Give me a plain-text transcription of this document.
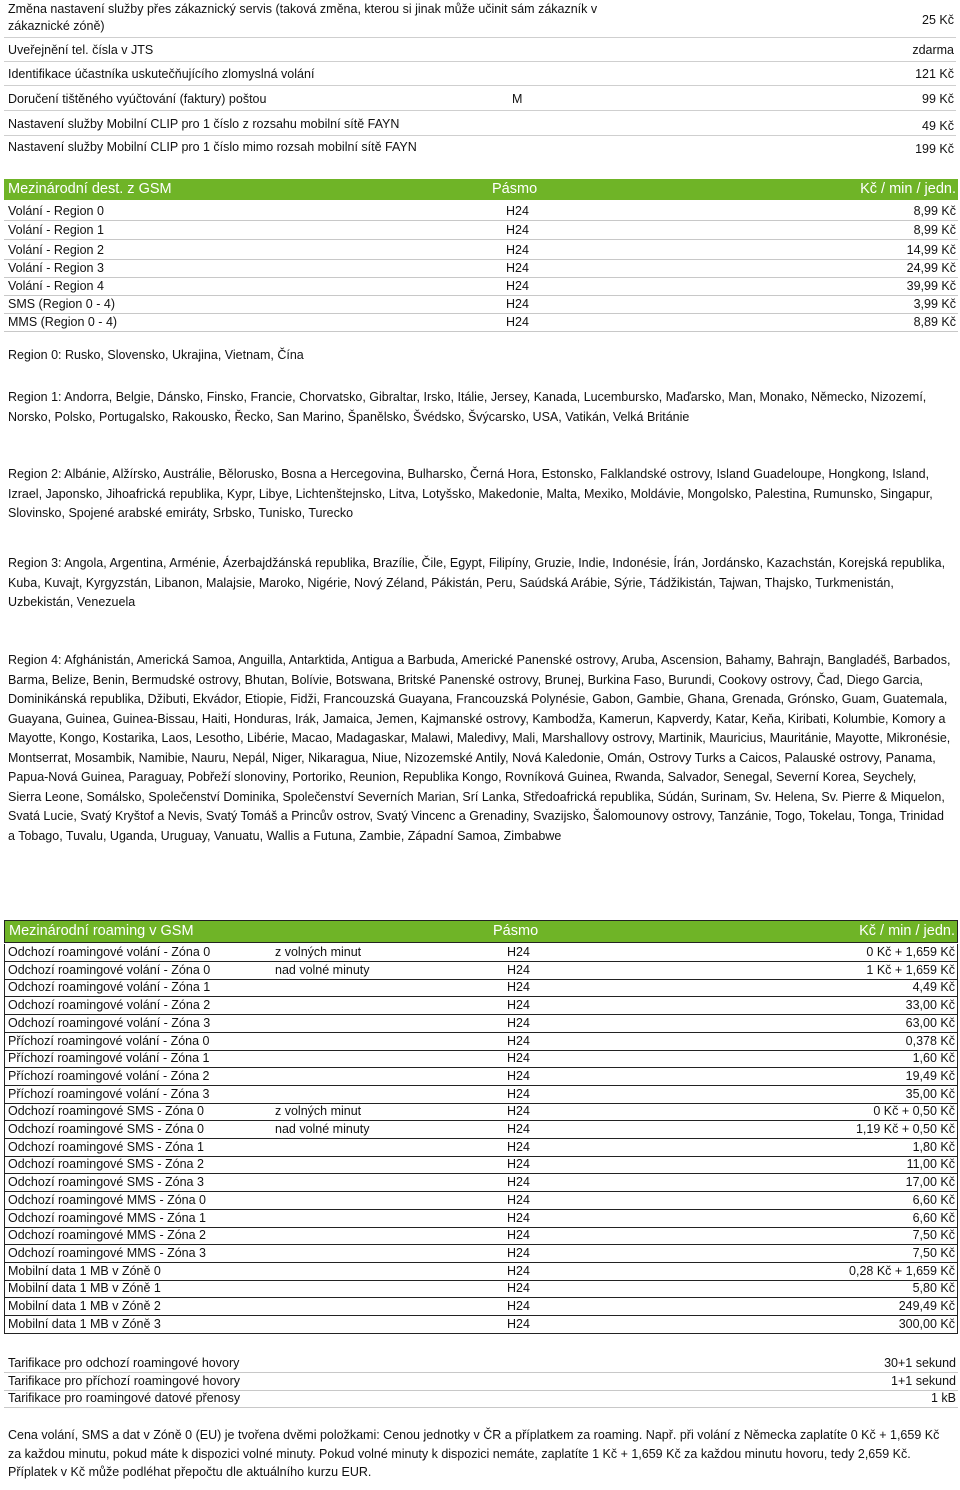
Změna nastavení služby přes zákaznický servis (taková změna, kterou si jinak může učinit sám zákazník v zákaznické zóně)	25 Kč
Uveřejnění tel. čísla v JTS	zdarma
Identifikace účastníka uskutečňujícího zlomyslná volání	121 Kč
Doručení tištěného vyúčtování (faktury) poštou	M	99 Kč
Nastavení služby Mobilní CLIP pro 1 číslo z rozsahu mobilní sítě FAYN	49 Kč
Nastavení služby Mobilní CLIP pro 1 číslo mimo rozsah mobilní sítě FAYN	199 Kč
Mezinárodní dest. z GSM	Pásmo	Kč / min / jedn.
Volání - Region 0	H24	8,99 Kč
Volání - Region 1	H24	8,99 Kč
Volání - Region 2	H24	14,99 Kč
Volání - Region 3	H24	24,99 Kč
Volání - Region 4	H24	39,99 Kč
SMS (Region 0 - 4)	H24	3,99 Kč
MMS (Region 0 - 4)	H24	8,89 Kč
Region 0: Rusko, Slovensko, Ukrajina, Vietnam, Čína
Region 1: Andorra, Belgie, Dánsko, Finsko, Francie, Chorvatsko, Gibraltar, Irsko, Itálie, Jersey, Kanada, Lucembursko, Maďarsko, Man, Monako, Německo, Nizozemí, Norsko, Polsko, Portugalsko, Rakousko, Řecko, San Marino, Španělsko, Švédsko, Švýcarsko, USA, Vatikán, Velká Británie
Region 2: Albánie, Alžírsko, Austrálie, Bělorusko, Bosna a Hercegovina, Bulharsko, Černá Hora, Estonsko, Falklandské ostrovy, Island Guadeloupe, Hongkong, Island, Izrael, Japonsko, Jihoafrická republika, Kypr, Libye, Lichtenštejnsko, Litva, Lotyšsko, Makedonie, Malta, Mexiko, Moldávie, Mongolsko, Palestina, Rumunsko, Singapur, Slovinsko, Spojené arabské emiráty, Srbsko, Tunisko, Turecko
Region 3: Angola, Argentina, Arménie, Ázerbajdžánská republika, Brazílie, Čile, Egypt, Filipíny, Gruzie, Indie, Indonésie, Írán, Jordánsko, Kazachstán, Korejská republika, Kuba, Kuvajt, Kyrgyzstán, Libanon, Malajsie, Maroko, Nigérie, Nový Zéland, Pákistán, Peru, Saúdská Arábie, Sýrie, Tádžikistán, Tajwan, Thajsko, Turkmenistán, Uzbekistán, Venezuela
Region 4: Afghánistán, Americká Samoa, Anguilla, Antarktida, Antigua a Barbuda, Americké Panenské ostrovy, Aruba, Ascension, Bahamy, Bahrajn, Bangladéš, Barbados, Barma, Belize, Benin, Bermudské ostrovy, Bhutan, Bolívie, Botswana, Britské Panenské ostrovy, Brunej, Burkina Faso, Burundi, Cookovy ostrovy, Čad, Diego Garcia, Dominikánská republika, Džibuti, Ekvádor, Etiopie, Fidži, Francouzská Guayana, Francouzská Polynésie, Gabon, Gambie, Ghana, Grenada, Grónsko, Guam, Guatemala, Guayana, Guinea, Guinea-Bissau, Haiti, Honduras, Irák, Jamaica, Jemen, Kajmanské ostrovy, Kambodža, Kamerun, Kapverdy, Katar, Keňa, Kiribati, Kolumbie, Komory a Mayotte, Kongo, Kostarika, Laos, Lesotho, Libérie, Macao, Madagaskar, Malawi, Maledivy, Mali, Marshallovy ostrovy, Martinik, Mauricius, Mauritánie, Mayotte, Mikronésie, Montserrat, Mosambik, Namibie, Nauru, Nepál, Niger, Nikaragua, Niue, Nizozemské Antily, Nová Kaledonie, Omán, Ostrovy Turks a Caicos, Palauské ostrovy, Panama, Papua-Nová Guinea, Paraguay, Pobřeží slonoviny, Portoriko, Reunion, Republika Kongo, Rovníková Guinea, Rwanda, Salvador, Senegal, Severní Korea, Seychely, Sierra Leone, Somálsko, Společenství Dominika, Společenství Severních Marian, Srí Lanka, Středoafrická republika, Súdán, Surinam, Sv. Helena, Sv. Pierre & Miquelon, Svatá Lucie, Svatý Kryštof a Nevis, Svatý Tomáš a Princův ostrov, Svatý Vincenc a Grenadiny, Svazijsko, Šalomounovy ostrovy, Tanzánie, Togo, Tokelau, Tonga, Trinidad a Tobago, Tuvalu, Uganda, Uruguay, Vanuatu, Wallis a Futuna, Zambie, Západní Samoa, Zimbabwe
Mezinárodní roaming v GSM	Pásmo	Kč / min / jedn.
Odchozí roamingové volání - Zóna 0	z volných minut	H24	0 Kč + 1,659 Kč
Odchozí roamingové volání - Zóna 0	nad volné minuty	H24	1 Kč + 1,659 Kč
Odchozí roamingové volání - Zóna 1	H24	4,49 Kč
Odchozí roamingové volání - Zóna 2	H24	33,00 Kč
Odchozí roamingové volání - Zóna 3	H24	63,00 Kč
Příchozí roamingové volání - Zóna 0	H24	0,378 Kč
Příchozí roamingové volání - Zóna 1	H24	1,60 Kč
Příchozí roamingové volání - Zóna 2	H24	19,49 Kč
Příchozí roamingové volání - Zóna 3	H24	35,00 Kč
Odchozí roamingové SMS - Zóna 0	z volných minut	H24	0 Kč + 0,50 Kč
Odchozí roamingové SMS - Zóna 0	nad volné minuty	H24	1,19 Kč + 0,50 Kč
Odchozí roamingové SMS - Zóna 1	H24	1,80 Kč
Odchozí roamingové SMS - Zóna 2	H24	11,00 Kč
Odchozí roamingové SMS - Zóna 3	H24	17,00 Kč
Odchozí roamingové MMS - Zóna 0	H24	6,60 Kč
Odchozí roamingové MMS - Zóna 1	H24	6,60 Kč
Odchozí roamingové MMS - Zóna 2	H24	7,50 Kč
Odchozí roamingové MMS - Zóna 3	H24	7,50 Kč
Mobilní data 1 MB v Zóně 0	H24	0,28 Kč + 1,659 Kč
Mobilní data 1 MB v Zóně 1	H24	5,80 Kč
Mobilní data 1 MB v Zóně 2	H24	249,49 Kč
Mobilní data 1 MB v Zóně 3	H24	300,00 Kč
Tarifikace pro odchozí roamingové hovory	30+1 sekund
Tarifikace pro příchozí roamingové hovory	1+1 sekund
Tarifikace pro roamingové datové přenosy	1 kB
Cena volání, SMS a dat v Zóně 0 (EU) je tvořena dvěmi položkami: Cenou jednotky v ČR a příplatkem za roaming. Např. při volání z Německa zaplatíte 0 Kč + 1,659 Kč za každou minutu, pokud máte k dispozici volné minuty. Pokud volné minuty k dispozici nemáte, zaplatíte 1 Kč + 1,659 Kč za každou minutu hovoru, tedy 2,659 Kč. Příplatek v Kč může podléhat přepočtu dle aktuálního kurzu EUR.
